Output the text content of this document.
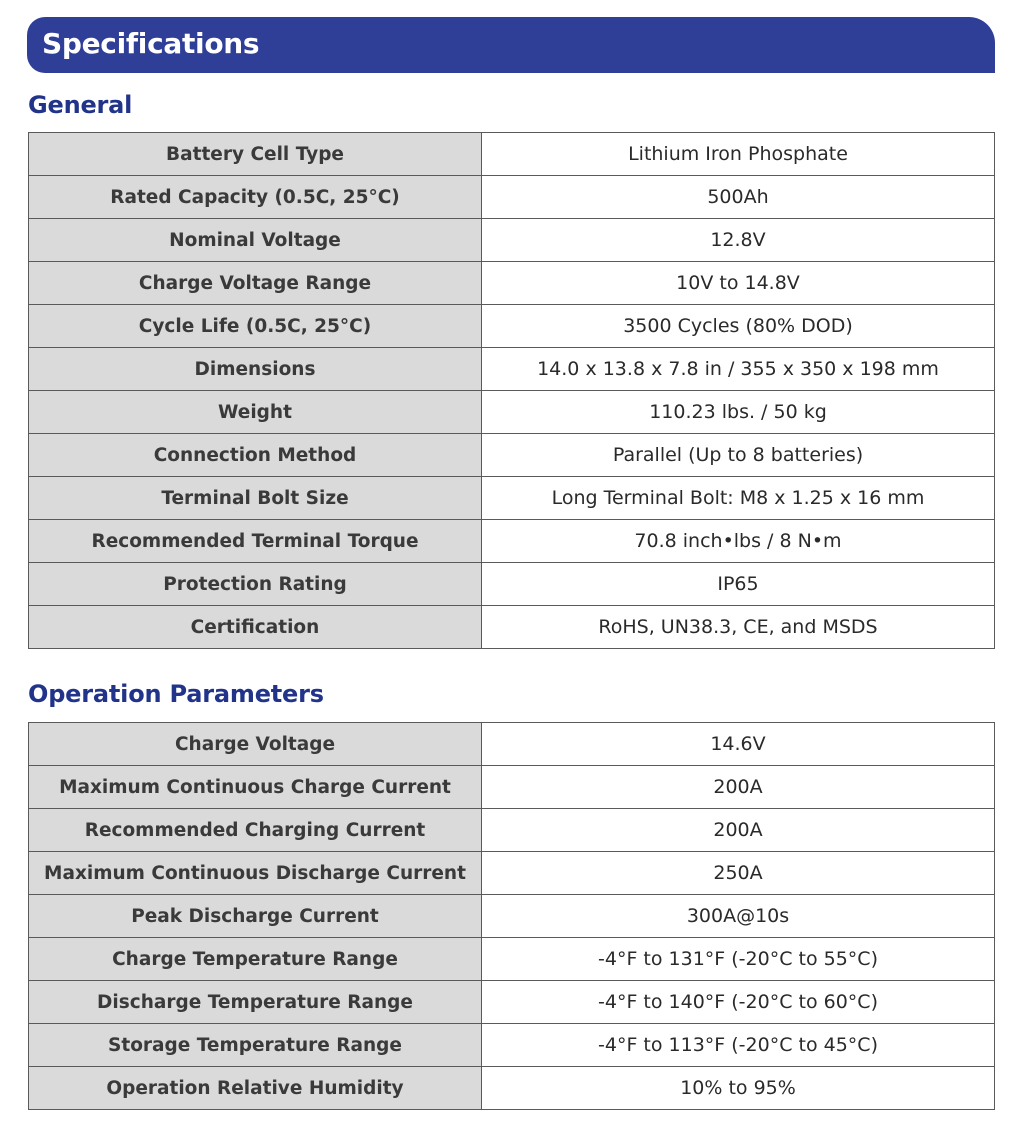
Specifications
General
Battery Cell Type	Lithium Iron Phosphate
Rated Capacity (0.5C, 25°C)	500Ah
Nominal Voltage	12.8V
Charge Voltage Range	10V to 14.8V
Cycle Life (0.5C, 25°C)	3500 Cycles (80% DOD)
Dimensions	14.0 x 13.8 x 7.8 in / 355 x 350 x 198 mm
Weight	110.23 lbs. / 50 kg
Connection Method	Parallel (Up to 8 batteries)
Terminal Bolt Size	Long Terminal Bolt: M8 x 1.25 x 16 mm
Recommended Terminal Torque	70.8 inch•lbs / 8 N•m
Protection Rating	IP65
Certification	RoHS, UN38.3, CE, and MSDS
Operation Parameters
Charge Voltage	14.6V
Maximum Continuous Charge Current	200A
Recommended Charging Current	200A
Maximum Continuous Discharge Current	250A
Peak Discharge Current	300A@10s
Charge Temperature Range	-4°F to 131°F (-20°C to 55°C)
Discharge Temperature Range	-4°F to 140°F (-20°C to 60°C)
Storage Temperature Range	-4°F to 113°F (-20°C to 45°C)
Operation Relative Humidity	10% to 95%
